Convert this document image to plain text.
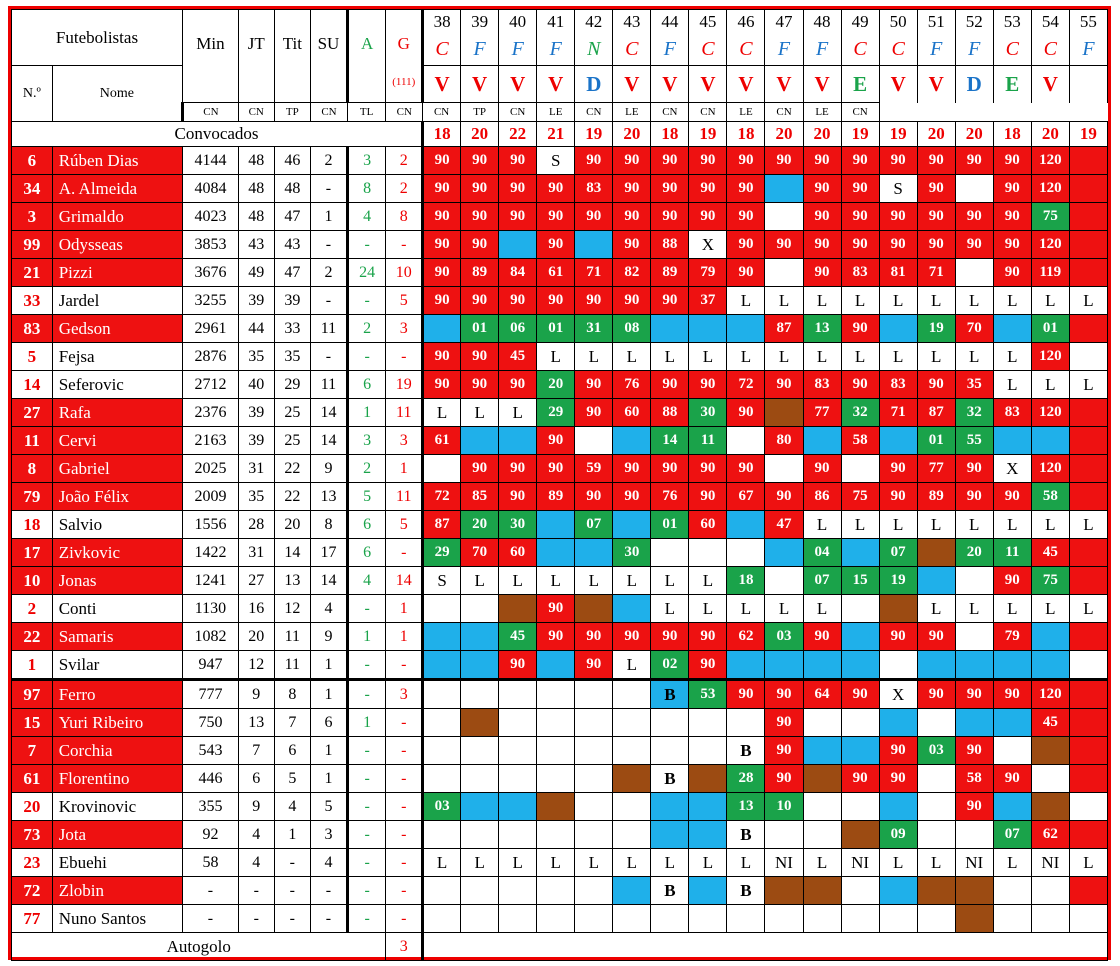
Futebolistas		Min	JT	Tit	SU	A	G
(111)	38	39	40	41	42	43	44	45	46	47	48	49	50	51	52	53	54	55
								C	F	F	F	N	C	F	C	C	F	F	C	C	F	F	C	C	F
N.º	Nome							V	V	V	V	D	V	V	V	V	V	V	E	V	V	D	E	V	
		CN	CN	TP	CN	TL	CN	CN	TP	CN	LE	CN	LE	CN	CN	LE	CN	LE	CN						
Convocados								18	20	22	21	19	20	18	19	18	20	20	19	19	20	20	18	20	19
6	Rúben Dias	4144	48	46	2	3	2	90	90	90	S	90	90	90	90	90	90	90	90	90	90	90	90	120	
34	A. Almeida	4084	48	48	-	8	2	90	90	90	90	83	90	90	90	90		90	90	S	90		90	120	
3	Grimaldo	4023	48	47	1	4	8	90	90	90	90	90	90	90	90	90		90	90	90	90	90	90	75	
99	Odysseas	3853	43	43	-	-	-	90	90		90		90	88	X	90	90	90	90	90	90	90	90	120	
21	Pizzi	3676	49	47	2	24	10	90	89	84	61	71	82	89	79	90		90	83	81	71		90	119	
33	Jardel	3255	39	39	-	-	5	90	90	90	90	90	90	90	37	L	L	L	L	L	L	L	L	L	L
83	Gedson	2961	44	33	11	2	3		01	06	01	31	08				87	13	90		19	70		01	
5	Fejsa	2876	35	35	-	-	-	90	90	45	L	L	L	L	L	L	L	L	L	L	L	L	L	120	
14	Seferovic	2712	40	29	11	6	19	90	90	90	20	90	76	90	90	72	90	83	90	83	90	35	L	L	L
27	Rafa	2376	39	25	14	1	11	L	L	L	29	90	60	88	30	90		77	32	71	87	32	83	120	
11	Cervi	2163	39	25	14	3	3	61			90			14	11		80		58		01	55			
8	Gabriel	2025	31	22	9	2	1		90	90	90	59	90	90	90	90		90		90	77	90	X	120	
79	João Félix	2009	35	22	13	5	11	72	85	90	89	90	90	76	90	67	90	86	75	90	89	90	90	58	
18	Salvio	1556	28	20	8	6	5	87	20	30		07		01	60		47	L	L	L	L	L	L	L	L
17	Zivkovic	1422	31	14	17	6	-	29	70	60			30					04		07		20	11	45	
10	Jonas	1241	27	13	14	4	14	S	L	L	L	L	L	L	L	18		07	15	19			90	75	
2	Conti	1130	16	12	4	-	1				90			L	L	L	L	L			L	L	L	L	L
22	Samaris	1082	20	11	9	1	1			45	90	90	90	90	90	62	03	90		90	90		79		
1	Svilar	947	12	11	1	-	-			90		90	L	02	90										
97	Ferro	777	9	8	1	-	3							B	53	90	90	64	90	X	90	90	90	120	
15	Yuri Ribeiro	750	13	7	6	1	-										90							45	
7	Corchia	543	7	6	1	-	-									B	90			90	03	90			
61	Florentino	446	6	5	1	-	-							B		28	90		90	90		58	90		
20	Krovinovic	355	9	4	5	-	-	03								13	10					90			
73	Jota	92	4	1	3	-	-									B				09			07	62	
23	Ebuehi	58	4	-	4	-	-	L	L	L	L	L	L	L	L	L	NI	L	NI	L	L	NI	L	NI	L
72	Zlobin	-	-	-	-	-	-							B		B									
77	Nuno Santos	-	-	-	-	-	-																		
Autogolo							3																		
